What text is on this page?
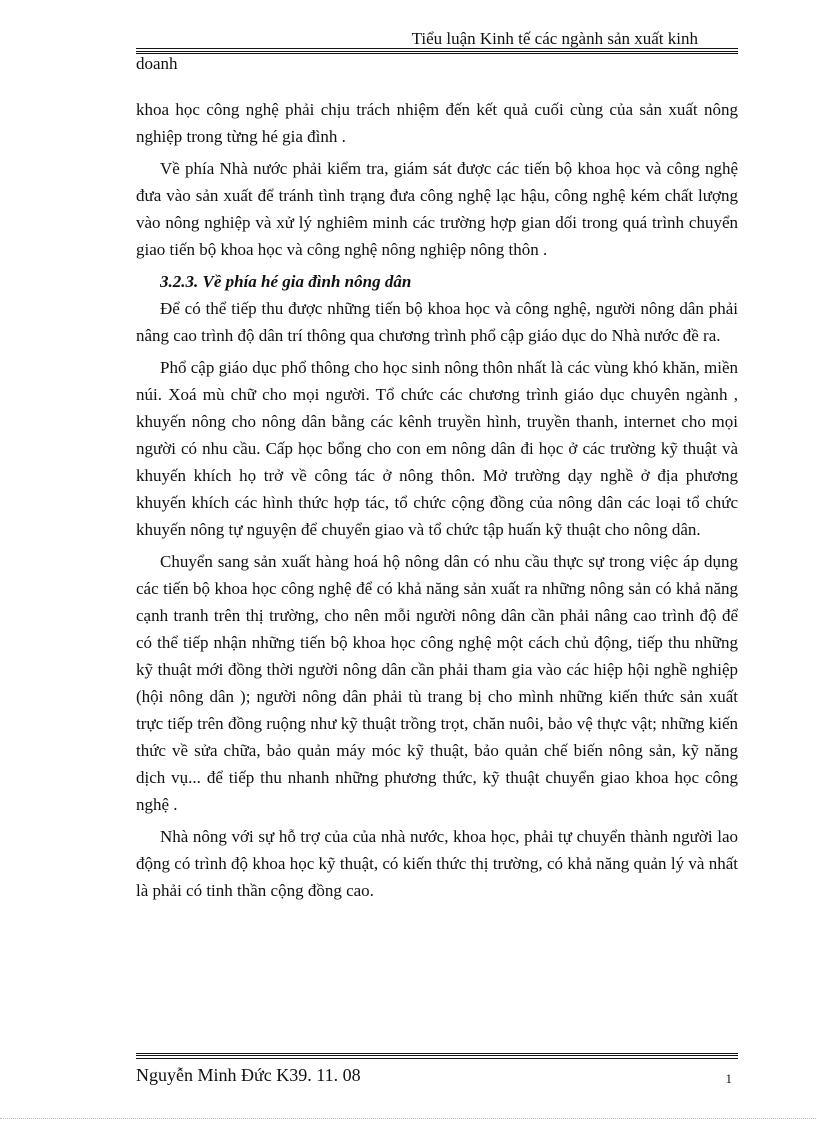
Tiểu luận Kinh tế các ngành sản xuất kinh
doanh

khoa học công nghệ phải chịu trách nhiệm đến kết quả cuối cùng của sản xuất nông nghiệp trong từng hé gia đình .

Về phía Nhà nước phải kiểm tra, giám sát được các tiến bộ khoa học và công nghệ đưa vào sản xuất để tránh tình trạng đưa công nghệ lạc hậu, công nghệ kém chất lượng vào nông nghiệp và xử lý nghiêm minh các trường hợp gian dối trong quá trình chuyển giao tiến bộ khoa học và công nghệ nông nghiệp nông thôn .

3.2.3. Về phía hé gia đình nông dân

Để có thể tiếp thu được những tiến bộ khoa học và công nghệ, người nông dân phải nâng cao trình độ dân trí thông qua chương trình phổ cập giáo dục do Nhà nước đề ra.

Phổ cập giáo dục phổ thông cho học sinh nông thôn nhất là các vùng khó khăn, miền núi. Xoá mù chữ cho mọi người. Tổ chức các chương trình giáo dục chuyên ngành , khuyến nông cho nông dân bằng các kênh truyền hình, truyền thanh, internet cho mọi người có nhu cầu. Cấp học bổng cho con em nông dân đi học ở các trường kỹ thuật và khuyến khích họ trở về công tác ở nông thôn. Mở trường dạy nghề ở địa phương khuyến khích các hình thức hợp tác, tổ chức cộng đồng của nông dân các loại tổ chức khuyến nông tự nguyện để chuyển giao và tổ chức tập huấn kỹ thuật cho nông dân.

Chuyển sang sản xuất hàng hoá hộ nông dân có nhu cầu thực sự trong việc áp dụng các tiến bộ khoa học công nghệ để có khả năng sản xuất ra những nông sản có khả năng cạnh tranh trên thị trường, cho nên mỗi người nông dân cần phải nâng cao trình độ để có thể tiếp nhận những tiến bộ khoa học công nghệ một cách chủ động, tiếp thu những kỹ thuật mới đồng thời người nông dân cần phải tham gia vào các hiệp hội nghề nghiệp (hội nông dân ); người nông dân phải tù trang bị cho mình những kiến thức sản xuất trực tiếp trên đồng ruộng như kỹ thuật trồng trọt, chăn nuôi, bảo vệ thực vật; những kiến thức về sửa chữa, bảo quản máy móc kỹ thuật, bảo quản chế biến nông sản, kỹ năng dịch vụ... để tiếp thu nhanh những phương thức, kỹ thuật chuyển giao khoa học công nghệ .

Nhà nông với sự hỗ trợ của của nhà nước, khoa học, phải tự chuyển thành người lao động có trình độ khoa học kỹ thuật, có kiến thức thị trường, có khả năng quản lý và nhất là phải có tinh thần cộng đồng cao.

Nguyễn Minh Đức K39. 11. 08	1
